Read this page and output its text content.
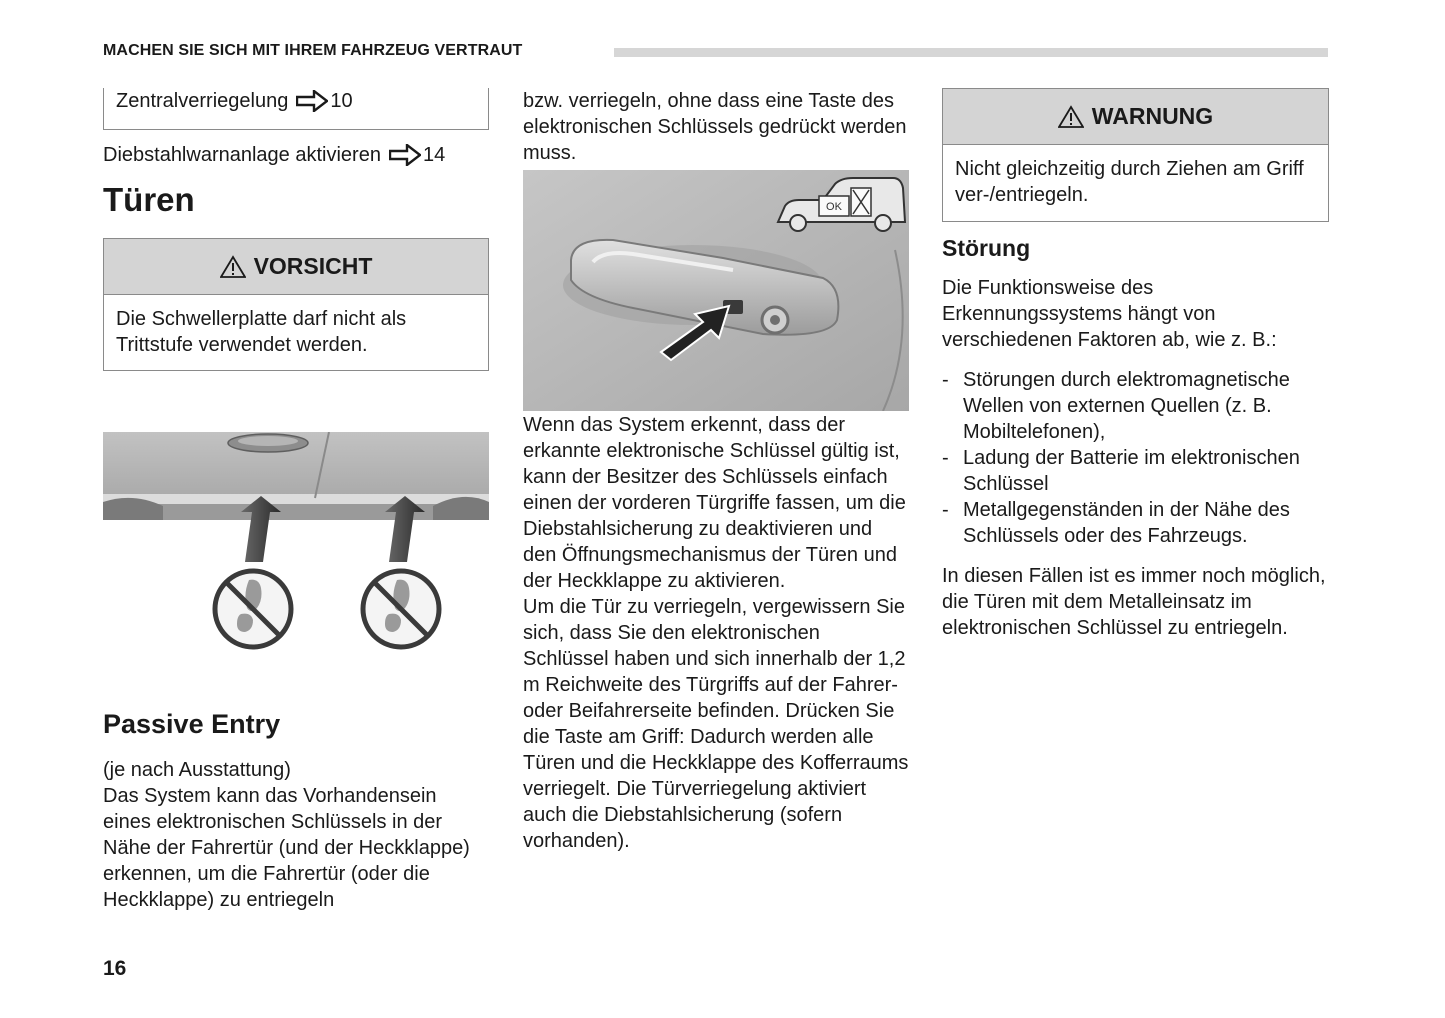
MACHEN SIE SICH MIT IHREM FAHRZEUG VERTRAUT
Zentralverriegelung 10
Diebstahlwarnanlage aktivieren 14
Türen
VORSICHT
Die Schwellerplatte darf nicht als Trittstufe verwendet werden.
Passive Entry

(je nach Ausstattung)

Das System kann das Vorhandensein eines elektronischen Schlüssels in der Nähe der Fahrertür (und der Heckklappe) erkennen, um die Fahrertür (oder die Heckklappe) zu entriegeln

bzw. verriegeln, ohne dass eine Taste des elektronischen Schlüssels gedrückt werden muss.

OK

Wenn das System erkennt, dass der erkannte elektronische Schlüssel gültig ist, kann der Besitzer des Schlüssels einfach einen der vorderen Türgriffe fassen, um die Diebstahlsicherung zu deaktivieren und den Öffnungsmechanismus der Türen und der Heckklappe zu aktivieren.

Um die Tür zu verriegeln, vergewissern Sie sich, dass Sie den elektronischen Schlüssel haben und sich innerhalb der 1,2 m Reichweite des Türgriffs auf der Fahrer- oder Beifahrerseite befinden. Drücken Sie die Taste am Griff: Dadurch werden alle Türen und die Heckklappe des Kofferraums verriegelt. Die Türverriegelung aktiviert auch die Diebstahlsicherung (sofern vorhanden).

WARNUNG
Nicht gleichzeitig durch Ziehen am Griff ver-/entriegeln.
Störung

Die Funktionsweise des Erkennungssystems hängt von verschiedenen Faktoren ab, wie z. B.:

- Störungen durch elektromagnetische Wellen von externen Quellen (z. B. Mobiltelefonen),
- Ladung der Batterie im elektronischen Schlüssel
- Metallgegenständen in der Nähe des Schlüssels oder des Fahrzeugs.

In diesen Fällen ist es immer noch möglich, die Türen mit dem Metalleinsatz im elektronischen Schlüssel zu entriegeln.

16
